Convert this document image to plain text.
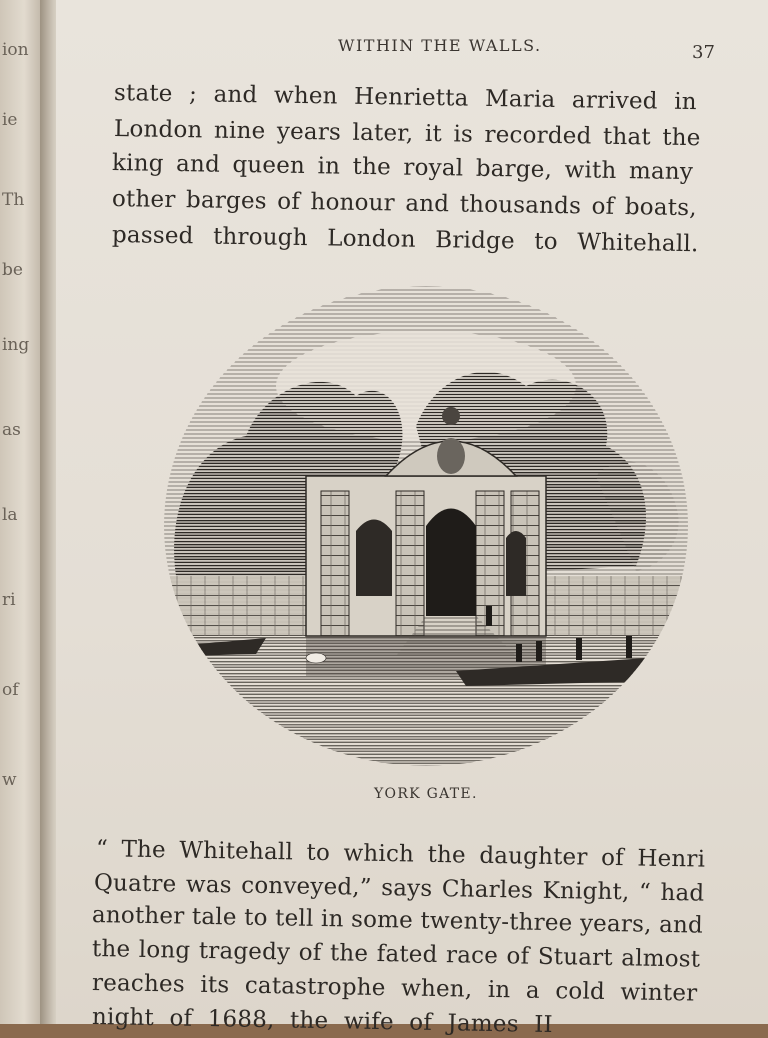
ion
ie
Th
be
ing
as
la
ri
of
w
WITHIN THE WALLS.	37
state ; and when Henrietta Maria arrived in
London nine years later, it is recorded that the
king and queen in the royal barge, with many
other barges of honour and thousands of boats,
passed through London Bridge to Whitehall.
YORK GATE.
“ The Whitehall to which the daughter of Henri
Quatre was conveyed,” says Charles Knight, “ had
another tale to tell in some twenty-three years, and
the long tragedy of the fated race of Stuart almost
reaches its catastrophe when, in a cold winter
night of 1688, the wife of James II
